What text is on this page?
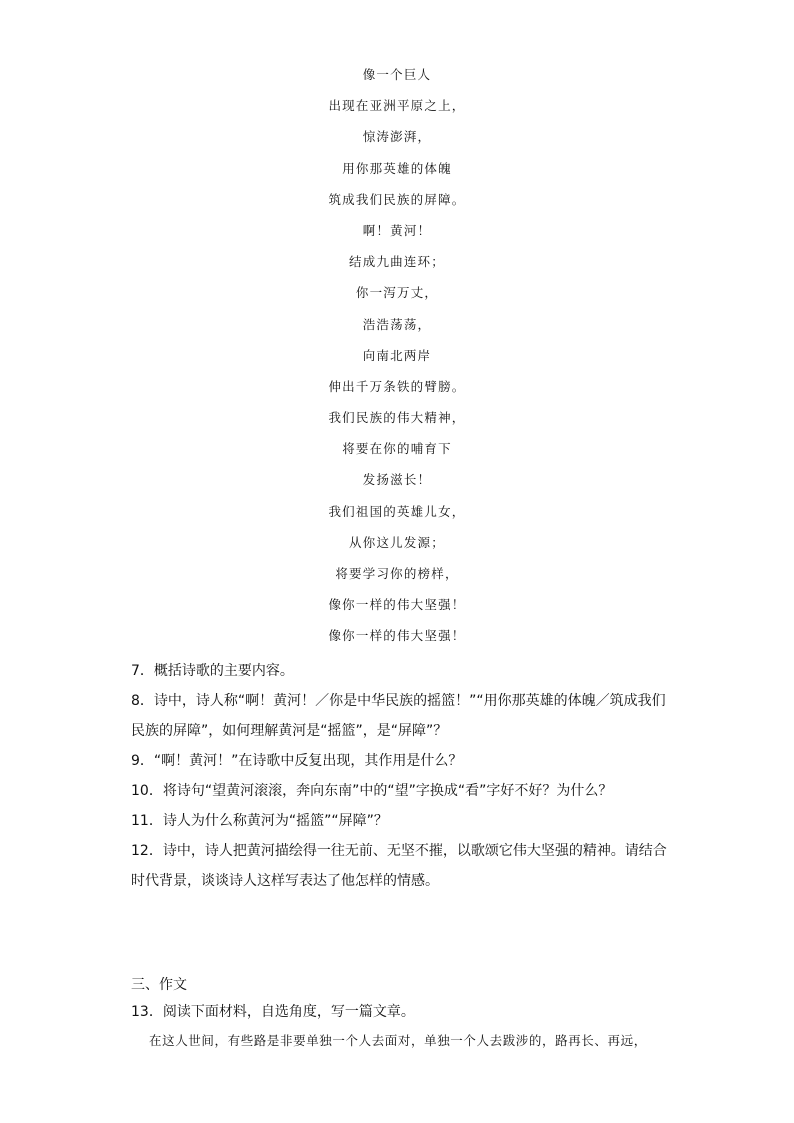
像一个巨人
出现在亚洲平原之上，
惊涛澎湃，
用你那英雄的体魄
筑成我们民族的屏障。
啊！黄河！
结成九曲连环；
你一泻万丈，
浩浩荡荡，
向南北两岸
伸出千万条铁的臂膀。
我们民族的伟大精神，
将要在你的哺育下
发扬滋长！
我们祖国的英雄儿女，
从你这儿发源；
将要学习你的榜样，
像你一样的伟大坚强！
像你一样的伟大坚强！
7．概括诗歌的主要内容。
8．诗中，诗人称“啊！黄河！／你是中华民族的摇篮！”“用你那英雄的体魄／筑成我们
民族的屏障”，如何理解黄河是“摇篮”，是“屏障”？
9．“啊！黄河！”在诗歌中反复出现，其作用是什么？
10．将诗句“望黄河滚滚，奔向东南”中的“望”字换成“看”字好不好？为什么？
11．诗人为什么称黄河为“摇篮”“屏障”？
12．诗中，诗人把黄河描绘得一往无前、无坚不摧，以歌颂它伟大坚强的精神。请结合
时代背景，谈谈诗人这样写表达了他怎样的情感。
三、作文

13．阅读下面材料，自选角度，写一篇文章。

在这人世间，有些路是非要单独一个人去面对，单独一个人去跋涉的，路再长、再远，
